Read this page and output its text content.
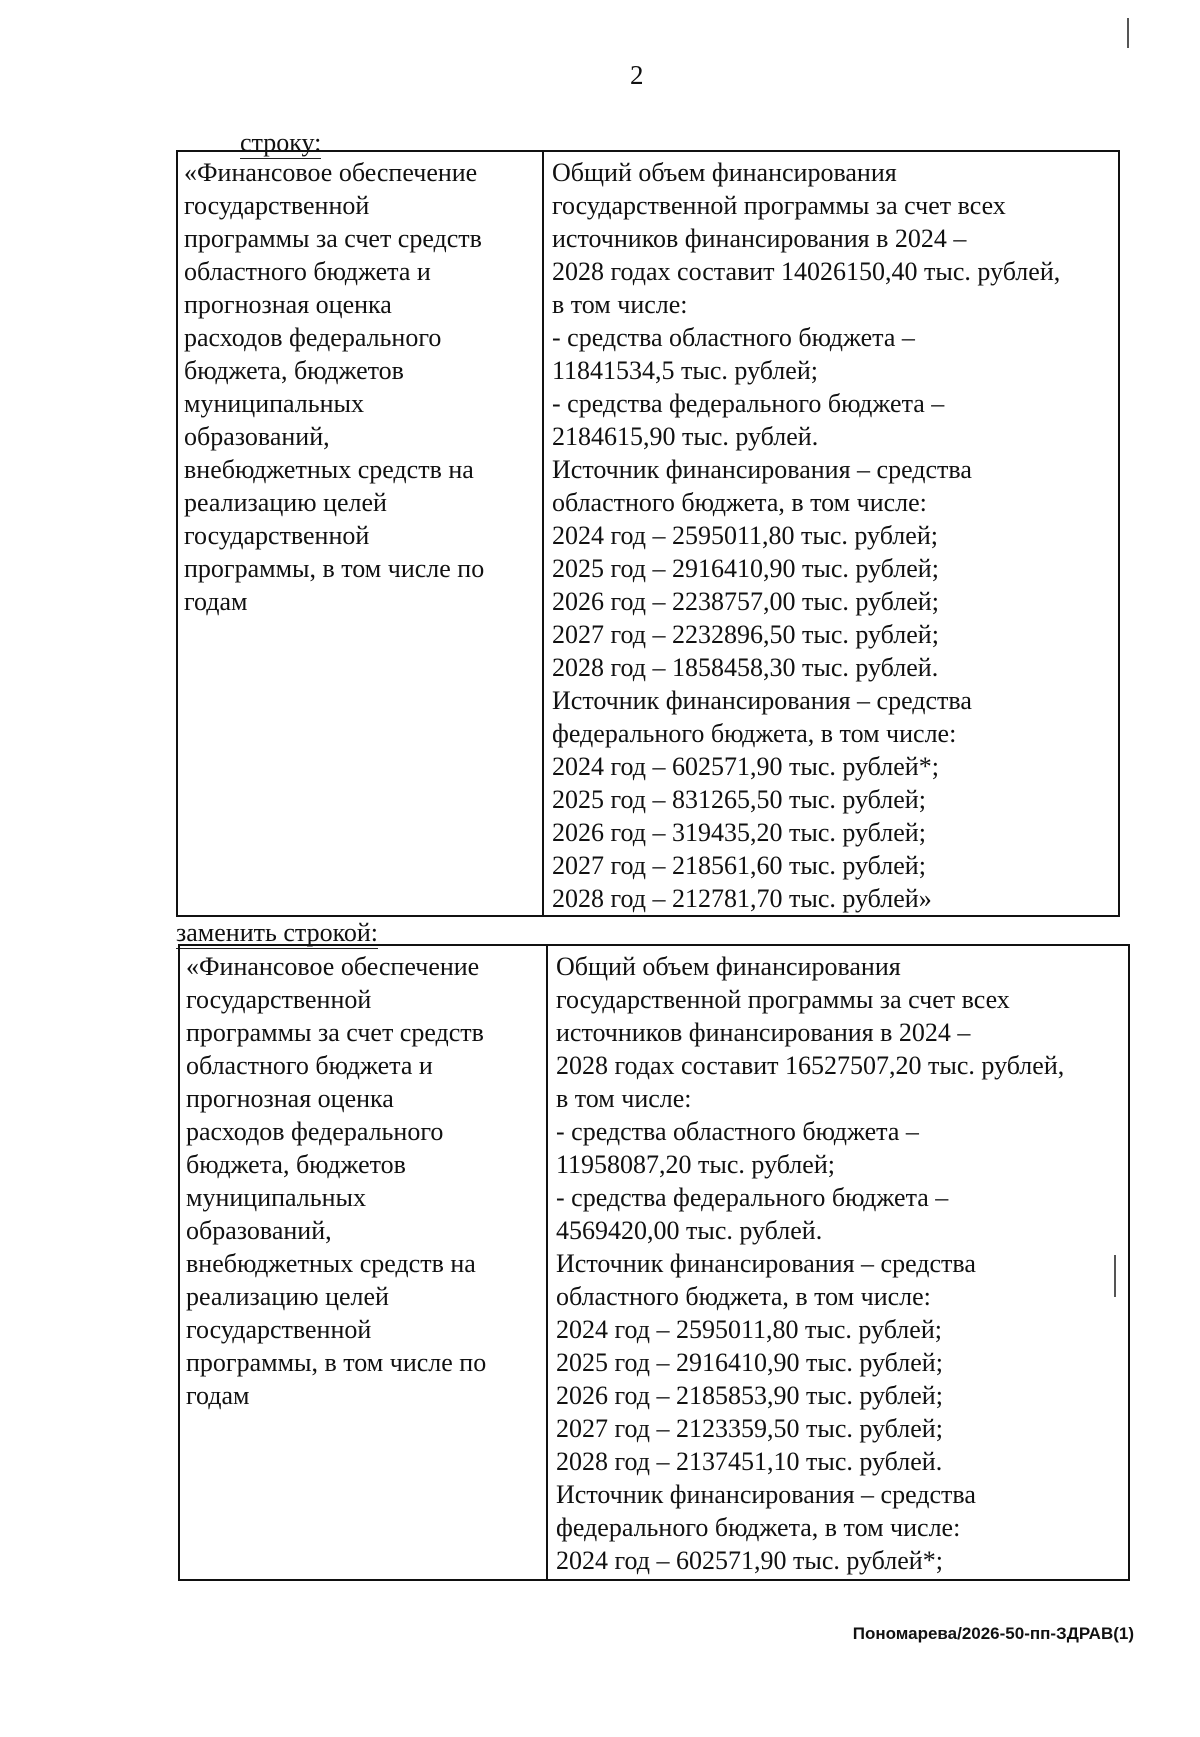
2
строку:
«Финансовое обеспечение
государственной
программы за счет средств
областного бюджета и
прогнозная оценка
расходов федерального
бюджета, бюджетов
муниципальных
образований,
внебюджетных средств на
реализацию целей
государственной
программы, в том числе по
годам

Общий объем финансирования
государственной программы за счет всех
источников финансирования в 2024 –
2028 годах составит 14026150,40 тыс. рублей,
в том числе:
- средства областного бюджета –
11841534,5 тыс. рублей;
- средства федерального бюджета –
2184615,90 тыс. рублей.
Источник финансирования – средства
областного бюджета, в том числе:
2024 год – 2595011,80 тыс. рублей;
2025 год – 2916410,90 тыс. рублей;
2026 год – 2238757,00 тыс. рублей;
2027 год – 2232896,50 тыс. рублей;
2028 год – 1858458,30 тыс. рублей.
Источник финансирования – средства
федерального бюджета, в том числе:
2024 год – 602571,90 тыс. рублей*;
2025 год – 831265,50 тыс. рублей;
2026 год – 319435,20 тыс. рублей;
2027 год – 218561,60 тыс. рублей;
2028 год – 212781,70 тыс. рублей»
заменить строкой:
«Финансовое обеспечение
государственной
программы за счет средств
областного бюджета и
прогнозная оценка
расходов федерального
бюджета, бюджетов
муниципальных
образований,
внебюджетных средств на
реализацию целей
государственной
программы, в том числе по
годам

Общий объем финансирования
государственной программы за счет всех
источников финансирования в 2024 –
2028 годах составит 16527507,20 тыс. рублей,
в том числе:
- средства областного бюджета –
11958087,20 тыс. рублей;
- средства федерального бюджета –
4569420,00 тыс. рублей.
Источник финансирования – средства
областного бюджета, в том числе:
2024 год – 2595011,80 тыс. рублей;
2025 год – 2916410,90 тыс. рублей;
2026 год – 2185853,90 тыс. рублей;
2027 год – 2123359,50 тыс. рублей;
2028 год – 2137451,10 тыс. рублей.
Источник финансирования – средства
федерального бюджета, в том числе:
2024 год – 602571,90 тыс. рублей*;
Пономарева/2026-50-пп-ЗДРАВ(1)
